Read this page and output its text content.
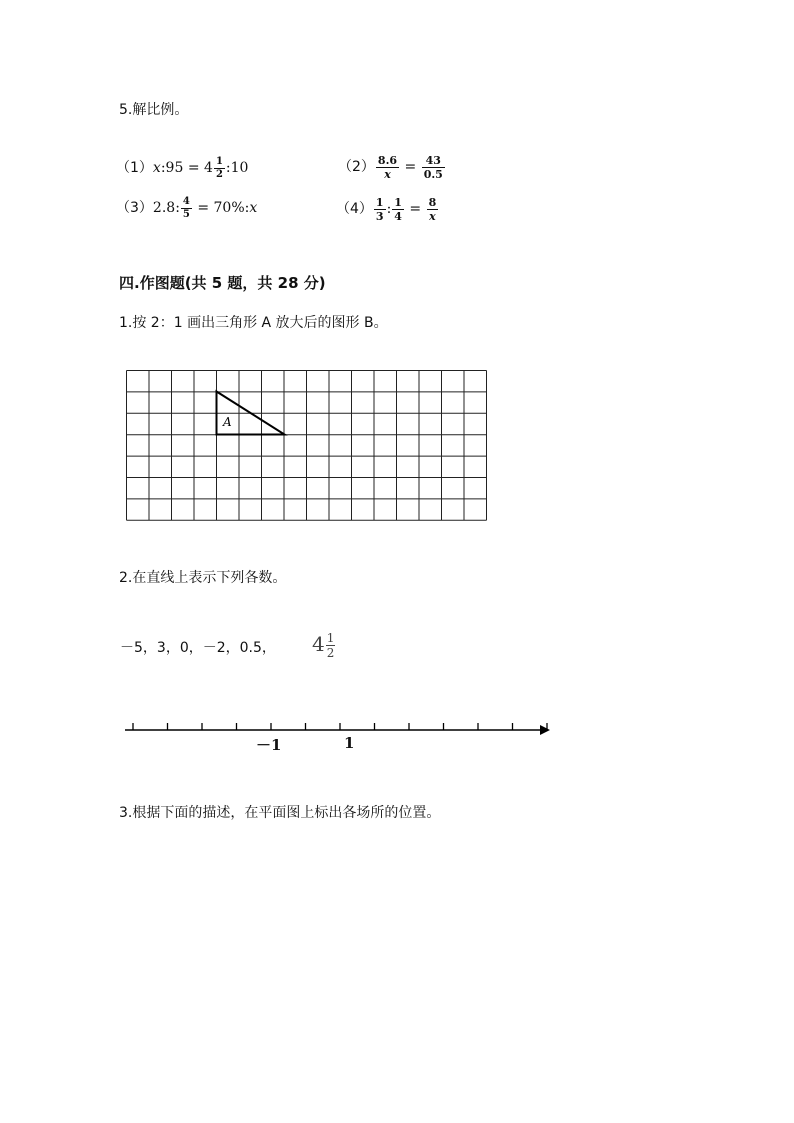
5.解比例。
（1）x:95 = $4 \frac{1}{2}$ :10	$(2) \frac{8.6}{x} = \frac{43}{0.5}$
（3）2.8: $\frac{4}{5}$ = 70%:x	$(4) \frac{1}{3}$ : $\frac{1}{4} = \frac{8}{x}$
四.作图题(共 5 题，共 28 分)
1.按 2：1 画出三角形 A 放大后的图形 B。
A
2.在直线上表示下列各数。
－5，3，0，－2，0.5， $4 \frac{1}{2}$
－1	1
3.根据下面的描述，在平面图上标出各场所的位置。
